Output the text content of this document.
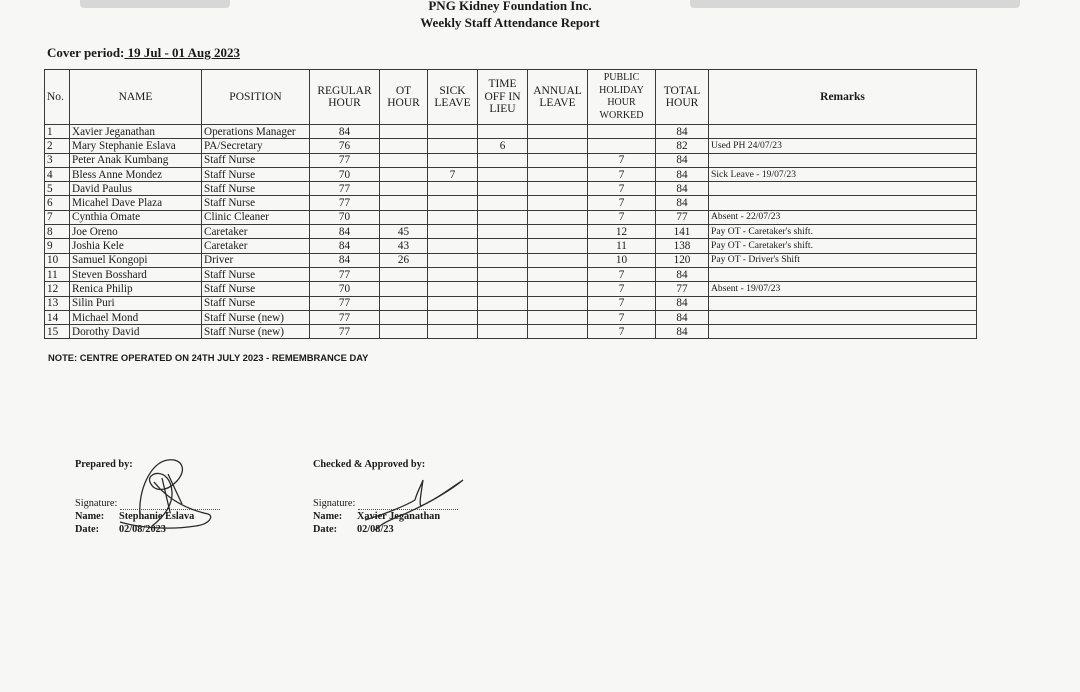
PNG Kidney Foundation Inc.
Weekly Staff Attendance Report
Cover period: 19 Jul - 01 Aug 2023
No.	NAME	POSITION	REGULAR HOUR	OT HOUR	SICK LEAVE	TIME OFF IN LIEU	ANNUAL LEAVE	PUBLIC HOLIDAY HOUR WORKED	TOTAL HOUR	Remarks
1	Xavier Jeganathan	Operations Manager	84						84	
2	Mary Stephanie Eslava	PA/Secretary	76			6			82	Used PH 24/07/23
3	Peter Anak Kumbang	Staff Nurse	77					7	84	
4	Bless Anne Mondez	Staff Nurse	70		7			7	84	Sick Leave - 19/07/23
5	David Paulus	Staff Nurse	77					7	84	
6	Micahel Dave Plaza	Staff Nurse	77					7	84	
7	Cynthia Omate	Clinic Cleaner	70					7	77	Absent - 22/07/23
8	Joe Oreno	Caretaker	84	45				12	141	Pay OT - Caretaker's shift.
9	Joshia Kele	Caretaker	84	43				11	138	Pay OT - Caretaker's shift.
10	Samuel Kongopi	Driver	84	26				10	120	Pay OT - Driver's Shift
11	Steven Bosshard	Staff Nurse	77					7	84	
12	Renica Philip	Staff Nurse	70					7	77	Absent - 19/07/23
13	Silin Puri	Staff Nurse	77					7	84	
14	Michael Mond	Staff Nurse (new)	77					7	84	
15	Dorothy David	Staff Nurse (new)	77					7	84	
NOTE: CENTRE OPERATED ON 24TH JULY 2023 - REMEMBRANCE DAY
Prepared by:
Signature:
Name: Stephanie Eslava
Date: 02/08/2023
Checked & Approved by:
Signature:
Name: Xavier Jeganathan
Date: 02/08/23
